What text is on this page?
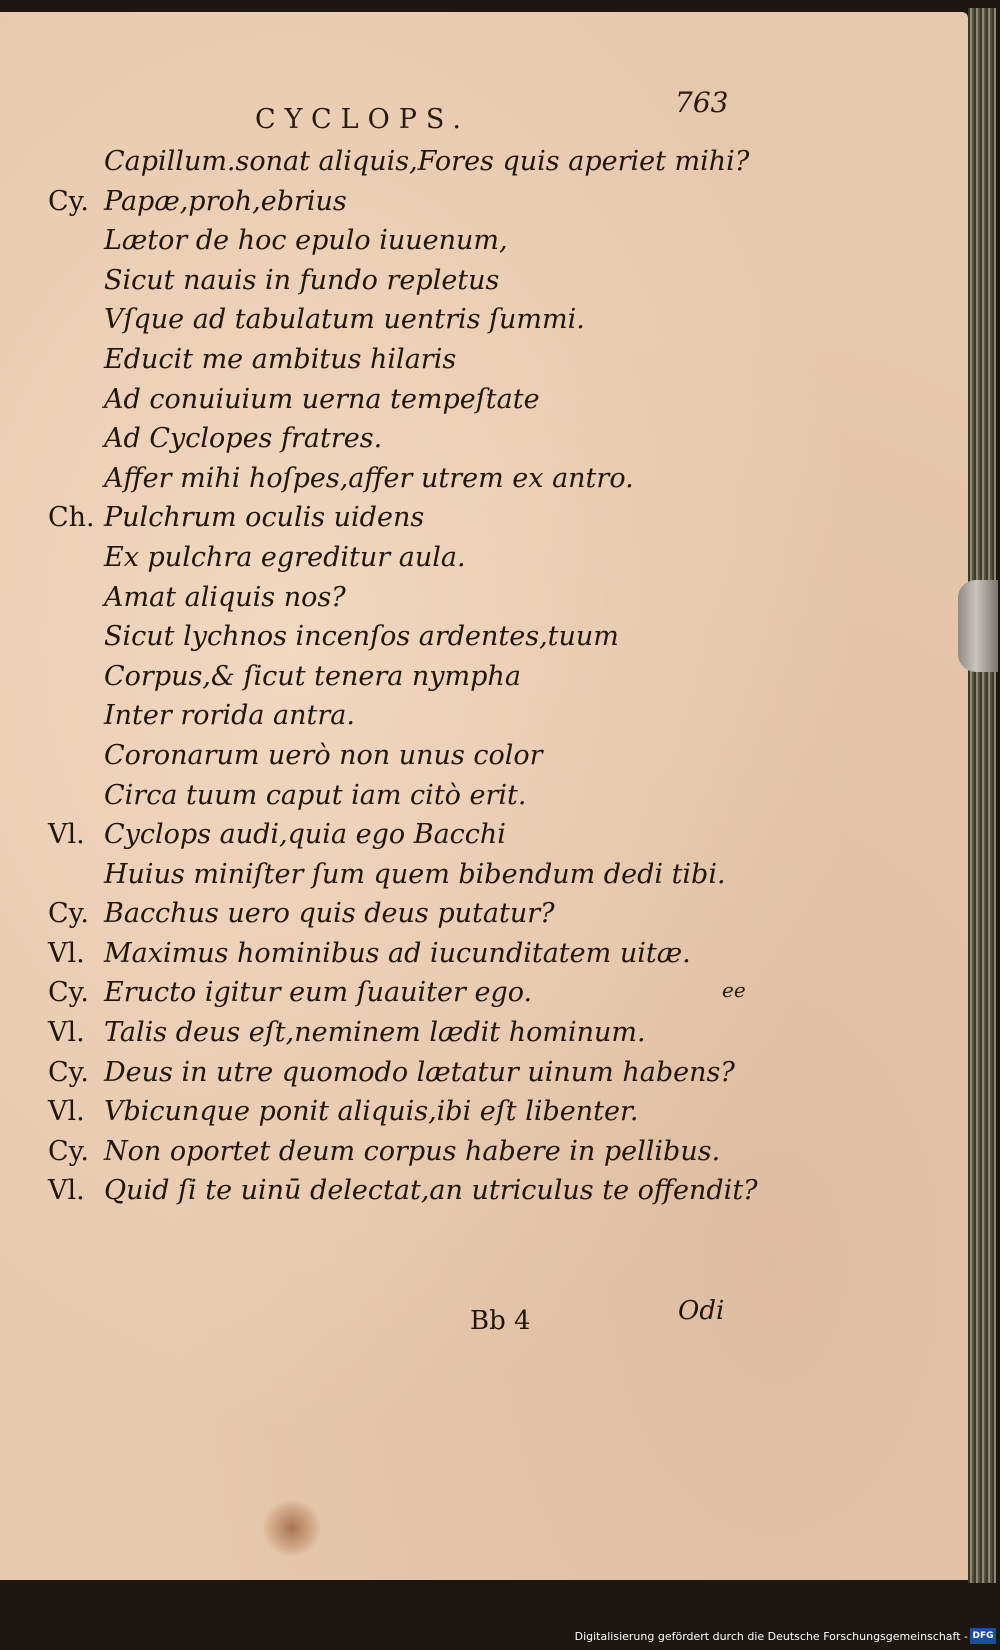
CYCLOPS.
763
Capillum.sonat aliquis,Fores quis aperiet mihi?
Cy. Papæ,proh,ebrius
Lætor de hoc epulo iuuenum,
Sicut nauis in fundo repletus
Vſque ad tabulatum uentris ſummi.
Educit me ambitus hilaris
Ad conuiuium uerna tempeſtate
Ad Cyclopes fratres.
Affer mihi hoſpes,affer utrem ex antro.
Ch. Pulchrum oculis uidens
Ex pulchra egreditur aula.
Amat aliquis nos?
Sicut lychnos incenſos ardentes,tuum
Corpus,& ſicut tenera nympha
Inter rorida antra.
Coronarum uerò non unus color
Circa tuum caput iam citò erit.
Vl. Cyclops audi,quia ego Bacchi
Huius miniſter ſum quem bibendum dedi tibi.
Cy. Bacchus uero quis deus putatur?
Vl. Maximus hominibus ad iucunditatem uitæ.
Cy. Eructo igitur eum ſuauiter ego.
Vl. Talis deus eſt,neminem lædit hominum.
Cy. Deus in utre quomodo lætatur uinum habens?
Vl. Vbicunque ponit aliquis,ibi eſt libenter.
Cy. Non oportet deum corpus habere in pellibus.
Vl. Quid ſi te uinū delectat,an utriculus te offendit?
ee
Bb 4	Odi
Digitalisierung gefördert durch die Deutsche Forschungsgemeinschaft - DFG
